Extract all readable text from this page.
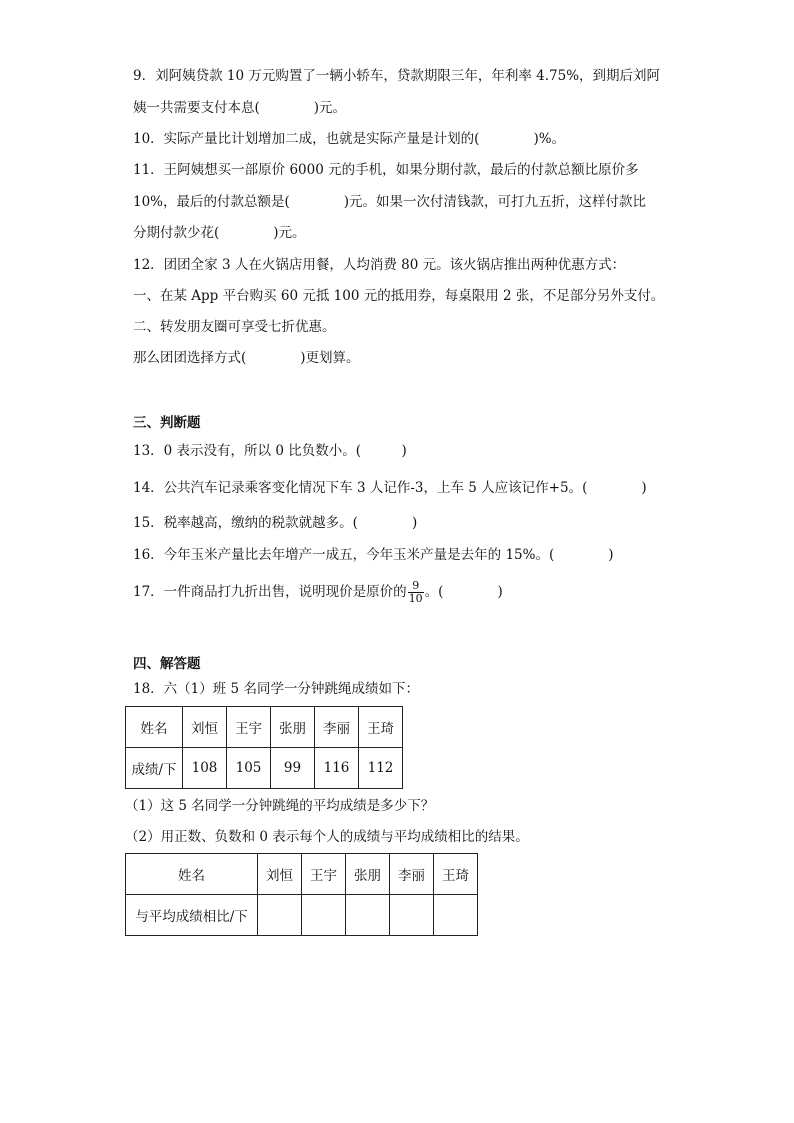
9．刘阿姨贷款 10 万元购置了一辆小轿车，贷款期限三年，年利率 4.75%，到期后刘阿
姨一共需要支付本息(　　　　)元。
10．实际产量比计划增加二成，也就是实际产量是计划的(　　　　)%。
11．王阿姨想买一部原价 6000 元的手机，如果分期付款，最后的付款总额比原价多
10%，最后的付款总额是(　　　　)元。如果一次付清钱款，可打九五折，这样付款比
分期付款少花(　　　　)元。
12．团团全家 3 人在火锅店用餐，人均消费 80 元。该火锅店推出两种优惠方式：
一、在某 App 平台购买 60 元抵 100 元的抵用券，每桌限用 2 张，不足部分另外支付。
二、转发朋友圈可享受七折优惠。
那么团团选择方式(　　　　)更划算。
三、判断题
13．0 表示没有，所以 0 比负数小。(　　　)
14．公共汽车记录乘客变化情况下车 3 人记作-3，上车 5 人应该记作+5。(　　　　)
15．税率越高，缴纳的税款就越多。(　　　　)
16．今年玉米产量比去年增产一成五，今年玉米产量是去年的 15%。(　　　　)
17．一件商品打九折出售，说明现价是原价的 $\frac{9}{10}$ 。(　　　　)
四、解答题
18．六（1）班 5 名同学一分钟跳绳成绩如下：
姓名	刘恒	王宇	张朋	李丽	王琦
成绩/下	108	105	99	116	112
（1）这 5 名同学一分钟跳绳的平均成绩是多少下？
（2）用正数、负数和 0 表示每个人的成绩与平均成绩相比的结果。
姓名	刘恒	王宇	张朋	李丽	王琦
与平均成绩相比/下					
